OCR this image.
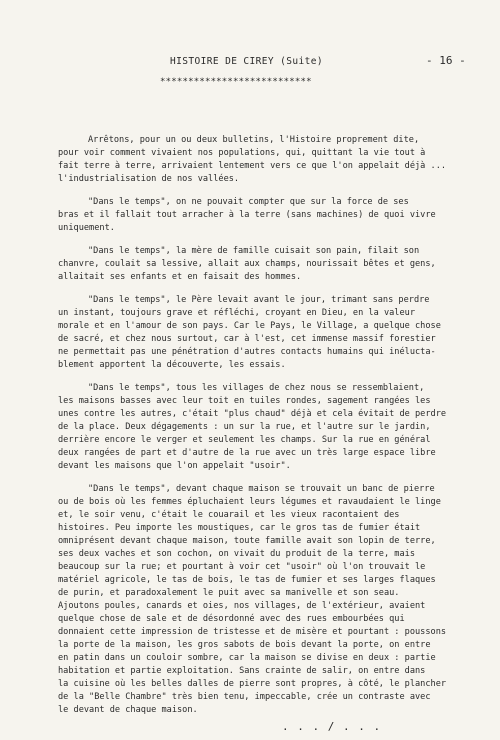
HISTOIRE DE CIREY (Suite)	- 16 -
***************************
Arrêtons, pour un ou deux bulletins, l'Histoire proprement dite,
pour voir comment vivaient nos populations, qui, quittant la vie tout à
fait terre à terre, arrivaient lentement vers ce que l'on appelait déjà ...
l'industrialisation de nos vallées.
"Dans le temps", on ne pouvait compter que sur la force de ses
bras et il fallait tout arracher à la terre (sans machines) de quoi vivre
uniquement.
"Dans le temps", la mère de famille cuisait son pain, filait son
chanvre, coulait sa lessive, allait aux champs, nourissait bêtes et gens,
allaitait ses enfants et en faisait des hommes.
"Dans le temps", le Père levait avant le jour, trimant sans perdre
un instant, toujours grave et réfléchi, croyant en Dieu, en la valeur
morale et en l'amour de son pays. Car le Pays, le Village, a quelque chose
de sacré, et chez nous surtout, car à l'est, cet immense massif forestier
ne permettait pas une pénétration d'autres contacts humains qui inélucta-
blement apportent la découverte, les essais.
"Dans le temps", tous les villages de chez nous se ressemblaient,
les maisons basses avec leur toit en tuiles rondes, sagement rangées les
unes contre les autres, c'était "plus chaud" déjà et cela évitait de perdre
de la place. Deux dégagements : un sur la rue, et l'autre sur le jardin,
derrière encore le verger et seulement les champs. Sur la rue en général
deux rangées de part et d'autre de la rue avec un très large espace libre
devant les maisons que l'on appelait "usoir".
"Dans le temps", devant chaque maison se trouvait un banc de pierre
ou de bois où les femmes épluchaient leurs légumes et ravaudaient le linge
et, le soir venu, c'était le couarail et les vieux racontaient des
histoires. Peu importe les moustiques, car le gros tas de fumier était
omniprésent devant chaque maison, toute famille avait son lopin de terre,
ses deux vaches et son cochon, on vivait du produit de la terre, mais
beaucoup sur la rue; et pourtant à voir cet "usoir" où l'on trouvait le
matériel agricole, le tas de bois, le tas de fumier et ses larges flaques
de purin, et paradoxalement le puit avec sa manivelle et son seau.
Ajoutons poules, canards et oies, nos villages, de l'extérieur, avaient
quelque chose de sale et de désordonné avec des rues embourbées qui
donnaient cette impression de tristesse et de misère et pourtant : poussons
la porte de la maison, les gros sabots de bois devant la porte, on entre
en patin dans un couloir sombre, car la maison se divise en deux : partie
habitation et partie exploitation. Sans crainte de salir, on entre dans
la cuisine où les belles dalles de pierre sont propres, à côté, le plancher
de la "Belle Chambre" très bien tenu, impeccable, crée un contraste avec
le devant de chaque maison.
. . . / . . .
